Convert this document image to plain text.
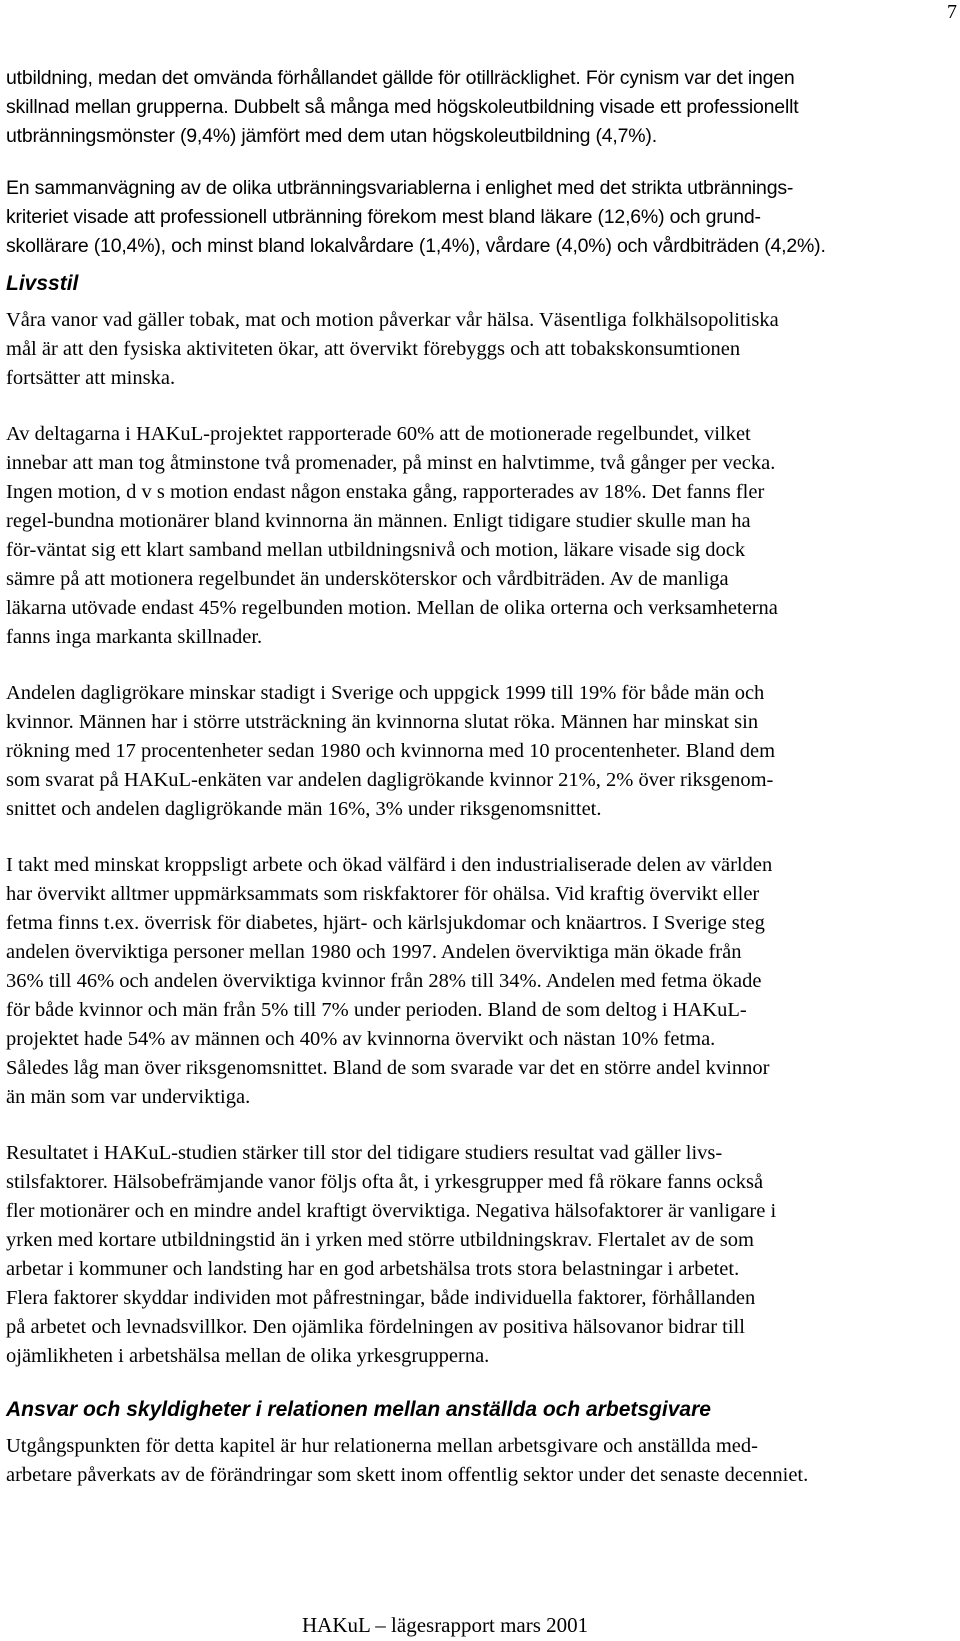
7

utbildning, medan det omvända förhållandet gällde för otillräcklighet. För cynism var det ingen
skillnad mellan grupperna. Dubbelt så många med högskoleutbildning visade ett professionellt
utbränningsmönster (9,4%) jämfört med dem utan högskoleutbildning (4,7%).

En sammanvägning av de olika utbränningsvariablerna i enlighet med det strikta utbrännings-
kriteriet visade att professionell utbränning förekom mest bland läkare (12,6%) och grund-
skollärare (10,4%), och minst bland lokalvårdare (1,4%), vårdare (4,0%) och vårdbiträden (4,2%).

Livsstil

Våra vanor vad gäller tobak, mat och motion påverkar vår hälsa. Väsentliga folkhälsopolitiska
mål är att den fysiska aktiviteten ökar, att övervikt förebyggs och att tobakskonsumtionen
fortsätter att minska.

Av deltagarna i HAKuL-projektet rapporterade 60% att de motionerade regelbundet, vilket
innebar att man tog åtminstone två promenader, på minst en halvtimme, två gånger per vecka.
Ingen motion, d v s motion endast någon enstaka gång, rapporterades av 18%. Det fanns fler
regel-bundna motionärer bland kvinnorna än männen. Enligt tidigare studier skulle man ha
för-väntat sig ett klart samband mellan utbildningsnivå och motion, läkare visade sig dock
sämre på att motionera regelbundet än undersköterskor och vårdbiträden. Av de manliga
läkarna utövade endast 45% regelbunden motion. Mellan de olika orterna och verksamheterna
fanns inga markanta skillnader.

Andelen dagligrökare minskar stadigt i Sverige och uppgick 1999 till 19% för både män och
kvinnor. Männen har i större utsträckning än kvinnorna slutat röka. Männen har minskat sin
rökning med 17 procentenheter sedan 1980 och kvinnorna med 10 procentenheter. Bland dem
som svarat på HAKuL-enkäten var andelen dagligrökande kvinnor 21%, 2% över riksgenom-
snittet och andelen dagligrökande män 16%, 3% under riksgenomsnittet.

I takt med minskat kroppsligt arbete och ökad välfärd i den industrialiserade delen av världen
har övervikt alltmer uppmärksammats som riskfaktorer för ohälsa. Vid kraftig övervikt eller
fetma finns t.ex. överrisk för diabetes, hjärt- och kärlsjukdomar och knäartros. I Sverige steg
andelen överviktiga personer mellan 1980 och 1997. Andelen överviktiga män ökade från
36% till 46% och andelen överviktiga kvinnor från 28% till 34%. Andelen med fetma ökade
för både kvinnor och män från 5% till 7% under perioden. Bland de som deltog i HAKuL-
projektet hade 54% av männen och 40% av kvinnorna övervikt och nästan 10% fetma.
Således låg man över riksgenomsnittet. Bland de som svarade var det en större andel kvinnor
än män som var underviktiga.

Resultatet i HAKuL-studien stärker till stor del tidigare studiers resultat vad gäller livs-
stilsfaktorer. Hälsobefrämjande vanor följs ofta åt, i yrkesgrupper med få rökare fanns också
fler motionärer och en mindre andel kraftigt överviktiga. Negativa hälsofaktorer är vanligare i
yrken med kortare utbildningstid än i yrken med större utbildningskrav. Flertalet av de som
arbetar i kommuner och landsting har en god arbetshälsa trots stora belastningar i arbetet.
Flera faktorer skyddar individen mot påfrestningar, både individuella faktorer, förhållanden
på arbetet och levnadsvillkor. Den ojämlika fördelningen av positiva hälsovanor bidrar till
ojämlikheten i arbetshälsa mellan de olika yrkesgrupperna.

Ansvar och skyldigheter i relationen mellan anställda och arbetsgivare

Utgångspunkten för detta kapitel är hur relationerna mellan arbetsgivare och anställda med-
arbetare påverkats av de förändringar som skett inom offentlig sektor under det senaste decenniet.

HAKuL – lägesrapport mars 2001
